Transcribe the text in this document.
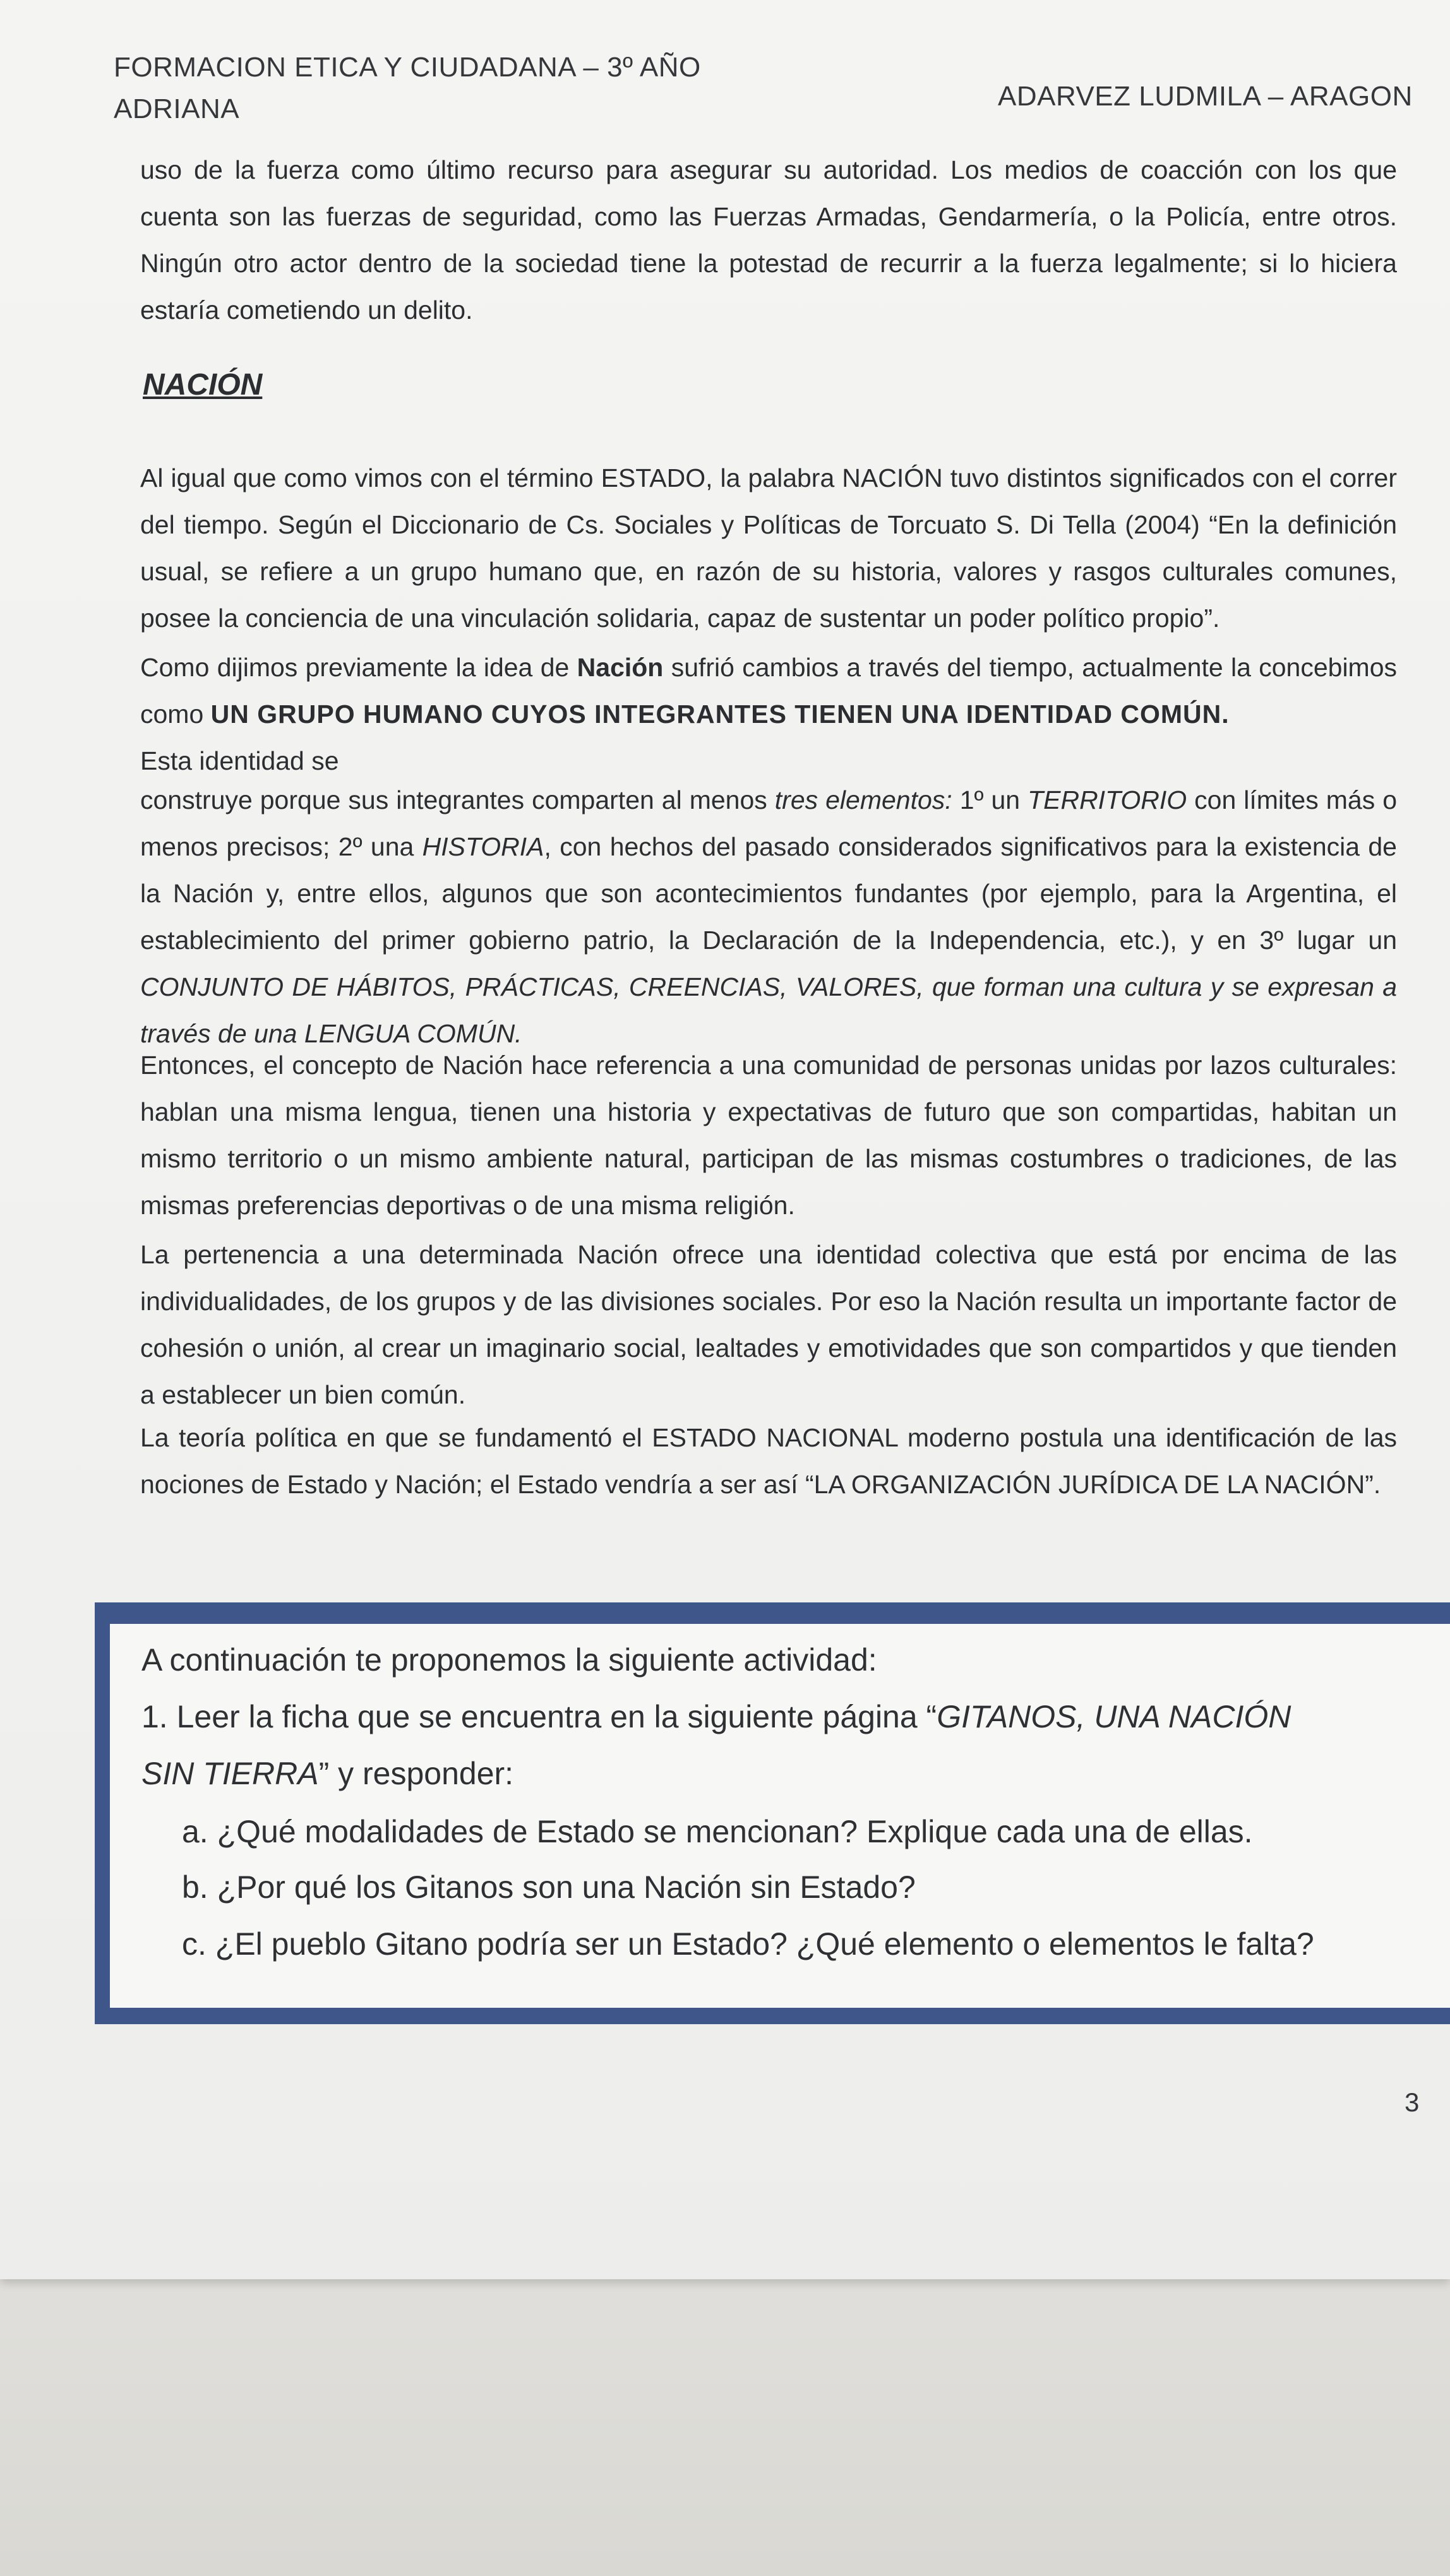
FORMACION ETICA Y CIUDADANA – 3º AÑO
ADRIANA	ADARVEZ LUDMILA – ARAGON

uso de la fuerza como último recurso para asegurar su autoridad. Los medios de coacción con los que cuenta son las fuerzas de seguridad, como las Fuerzas Armadas, Gendarmería, o la Policía, entre otros. Ningún otro actor dentro de la sociedad tiene la potestad de recurrir a la fuerza legalmente; si lo hiciera estaría cometiendo un delito.

NACIÓN

Al igual que como vimos con el término ESTADO, la palabra NACIÓN tuvo distintos significados con el correr del tiempo. Según el Diccionario de Cs. Sociales y Políticas de Torcuato S. Di Tella (2004) “En la definición usual, se refiere a un grupo humano que, en razón de su historia, valores y rasgos culturales comunes, posee la conciencia de una vinculación solidaria, capaz de sustentar un poder político propio”.

Como dijimos previamente la idea de Nación sufrió cambios a través del tiempo, actualmente la concebimos como UN GRUPO HUMANO CUYOS INTEGRANTES TIENEN UNA IDENTIDAD COMÚN.

Esta identidad se

construye porque sus integrantes comparten al menos tres elementos: 1º un TERRITORIO con límites más o menos precisos; 2º una HISTORIA, con hechos del pasado considerados significativos para la existencia de la Nación y, entre ellos, algunos que son acontecimientos fundantes (por ejemplo, para la Argentina, el establecimiento del primer gobierno patrio, la Declaración de la Independencia, etc.), y en 3º lugar un CONJUNTO DE HÁBITOS, PRÁCTICAS, CREENCIAS, VALORES, que forman una cultura y se expresan a través de una LENGUA COMÚN.

Entonces, el concepto de Nación hace referencia a una comunidad de personas unidas por lazos culturales: hablan una misma lengua, tienen una historia y expectativas de futuro que son compartidas, habitan un mismo territorio o un mismo ambiente natural, participan de las mismas costumbres o tradiciones, de las mismas preferencias deportivas o de una misma religión.

La pertenencia a una determinada Nación ofrece una identidad colectiva que está por encima de las individualidades, de los grupos y de las divisiones sociales. Por eso la Nación resulta un importante factor de cohesión o unión, al crear un imaginario social, lealtades y emotividades que son compartidos y que tienden a establecer un bien común.

La teoría política en que se fundamentó el ESTADO NACIONAL moderno postula una identificación de las nociones de Estado y Nación; el Estado vendría a ser así “LA ORGANIZACIÓN JURÍDICA DE LA NACIÓN”.

A continuación te proponemos la siguiente actividad:
1. Leer la ficha que se encuentra en la siguiente página “GITANOS, UNA NACIÓN
SIN TIERRA” y responder:
a. ¿Qué modalidades de Estado se mencionan? Explique cada una de ellas.
b. ¿Por qué los Gitanos son una Nación sin Estado?
c. ¿El pueblo Gitano podría ser un Estado? ¿Qué elemento o elementos le falta?
3
